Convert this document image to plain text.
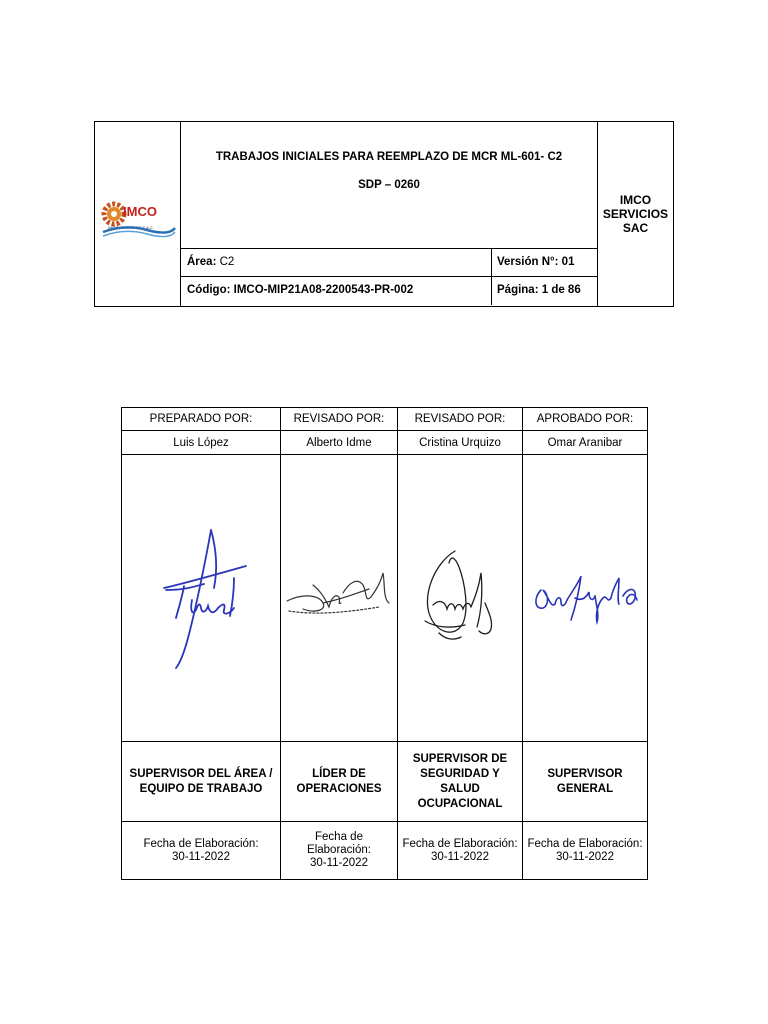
IMCO
IMCO SERVICIOS S.A.C.
TRABAJOS INICIALES PARA REEMPLAZO DE MCR ML-601- C2
SDP – 0260
Área: C2	Versión N°: 01
Código: IMCO-MIP21A08-2200543-PR-002	Página: 1 de 86
IMCO
SERVICIOS
SAC
PREPARADO POR:
Luis López
SUPERVISOR DEL ÁREA /
EQUIPO DE TRABAJO
Fecha de Elaboración:
30-11-2022
REVISADO POR:
Alberto Idme
LÍDER DE
OPERACIONES
Fecha de
Elaboración:
30-11-2022
REVISADO POR:
Cristina Urquizo
SUPERVISOR DE
SEGURIDAD Y
SALUD
OCUPACIONAL
Fecha de Elaboración:
30-11-2022
APROBADO POR:
Omar Aranibar
SUPERVISOR
GENERAL
Fecha de Elaboración:
30-11-2022
